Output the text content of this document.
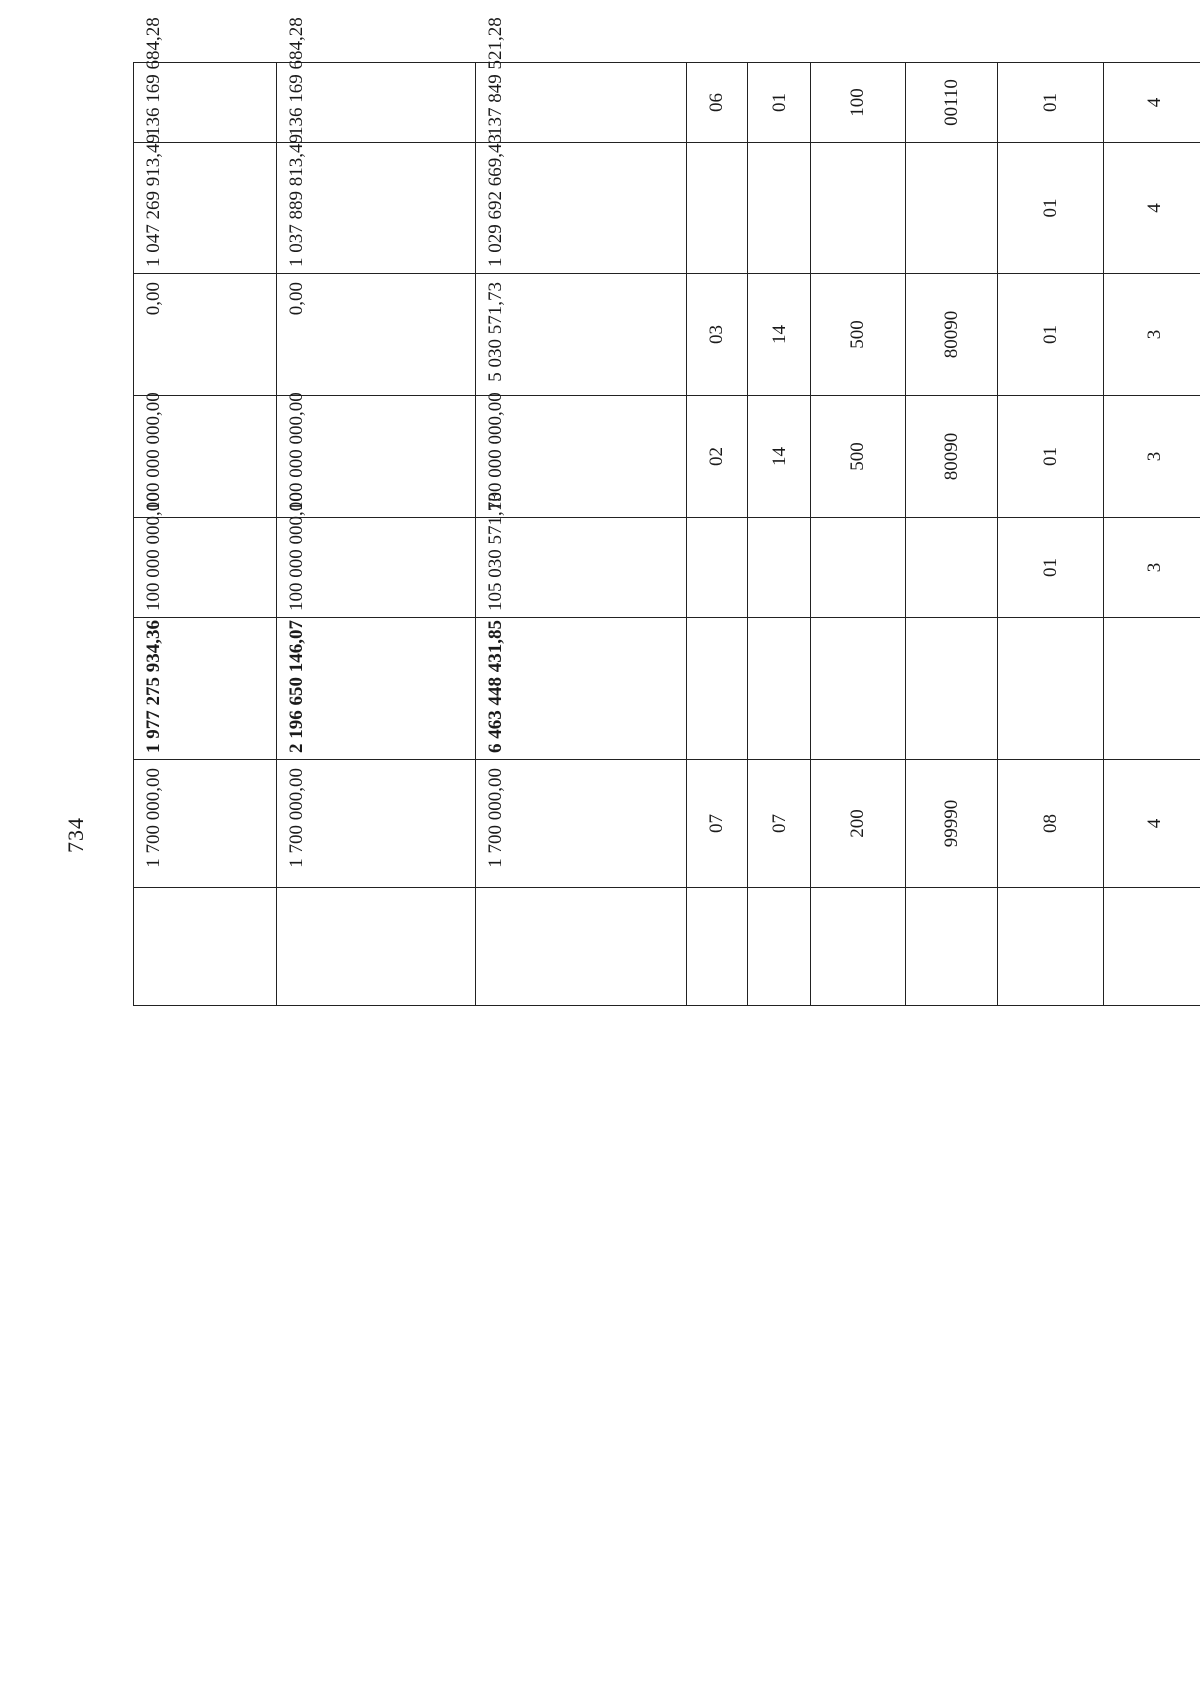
734
		1 700 000,00	1 977 275 934,36	100 000 000,00	100 000 000,00	0,00	1 047 269 913,49	136 169 684,28
	1 700 000,00	2 196 650 146,07	100 000 000,00	100 000 000,00	0,00	1 037 889 813,49	136 169 684,28
	1 700 000,00	6 463 448 431,85	105 030 571,73	100 000 000,00	5 030 571,73	1 029 692 669,43	137 849 521,28
	07			02	03		06
	07			14	14		01
	200			500	500		100
	99990			80090	80090		00110
	08		01	01	01	01	01
	4		3	3	3	4	4
